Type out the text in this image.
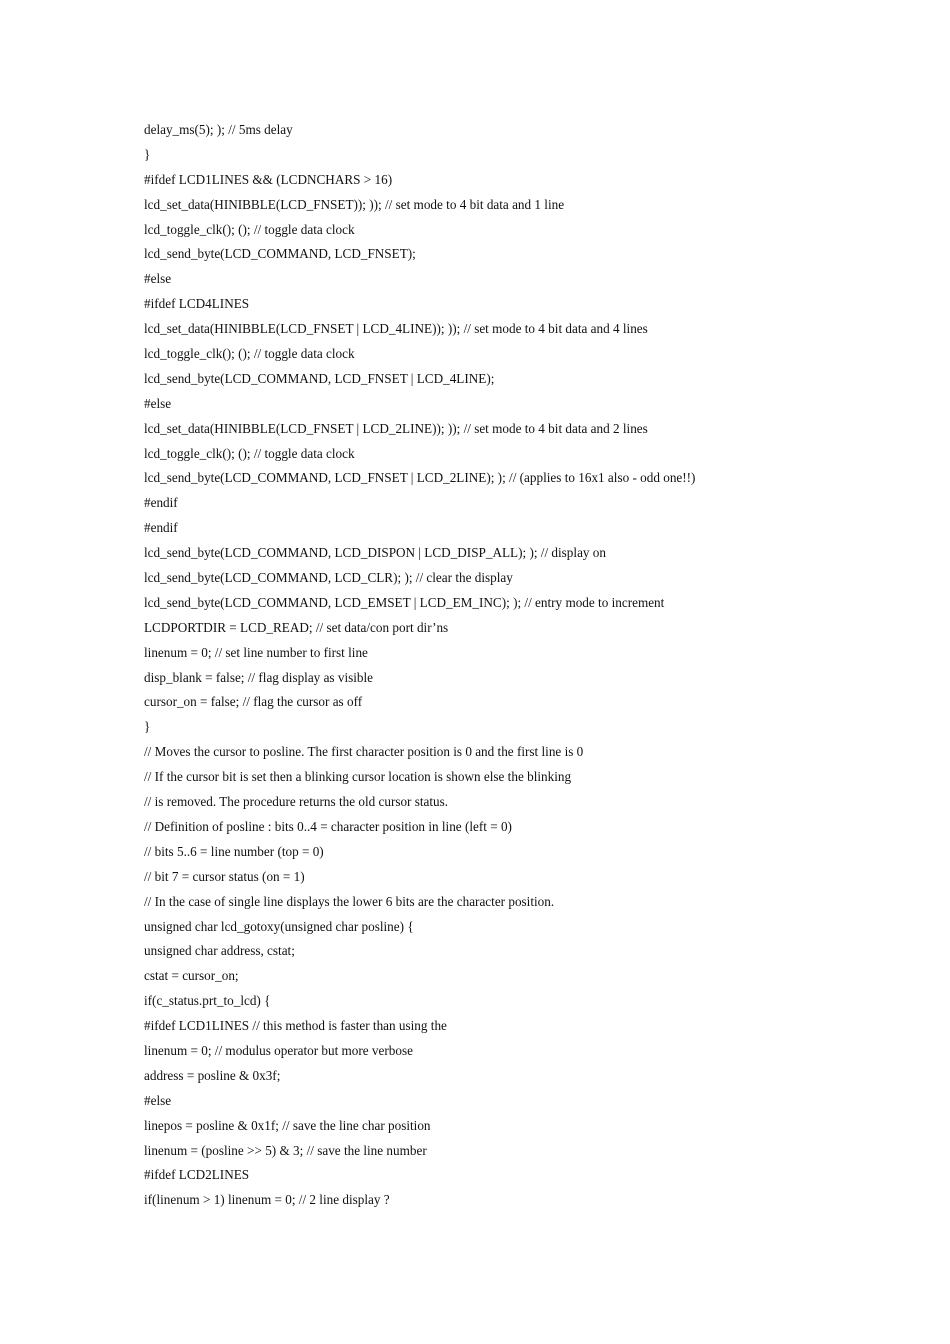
delay_ms(5); ); // 5ms delay
}
#ifdef LCD1LINES && (LCDNCHARS > 16)
lcd_set_data(HINIBBLE(LCD_FNSET)); )); // set mode to 4 bit data and 1 line
lcd_toggle_clk(); (); // toggle data clock
lcd_send_byte(LCD_COMMAND, LCD_FNSET);
#else
#ifdef LCD4LINES
lcd_set_data(HINIBBLE(LCD_FNSET | LCD_4LINE)); )); // set mode to 4 bit data and 4 lines
lcd_toggle_clk(); (); // toggle data clock
lcd_send_byte(LCD_COMMAND, LCD_FNSET | LCD_4LINE);
#else
lcd_set_data(HINIBBLE(LCD_FNSET | LCD_2LINE)); )); // set mode to 4 bit data and 2 lines
lcd_toggle_clk(); (); // toggle data clock
lcd_send_byte(LCD_COMMAND, LCD_FNSET | LCD_2LINE); ); // (applies to 16x1 also - odd one!!)
#endif
#endif
lcd_send_byte(LCD_COMMAND, LCD_DISPON | LCD_DISP_ALL); ); // display on
lcd_send_byte(LCD_COMMAND, LCD_CLR); ); // clear the display
lcd_send_byte(LCD_COMMAND, LCD_EMSET | LCD_EM_INC); ); // entry mode to increment
LCDPORTDIR = LCD_READ; // set data/con port dir’ns
linenum = 0; // set line number to first line
disp_blank = false; // flag display as visible
cursor_on = false; // flag the cursor as off
}
// Moves the cursor to posline. The first character position is 0 and the first line is 0
// If the cursor bit is set then a blinking cursor location is shown else the blinking
// is removed. The procedure returns the old cursor status.
// Definition of posline : bits 0..4 = character position in line (left = 0)
// bits 5..6 = line number (top = 0)
// bit 7 = cursor status (on = 1)
// In the case of single line displays the lower 6 bits are the character position.
unsigned char lcd_gotoxy(unsigned char posline) {
unsigned char address, cstat;
cstat = cursor_on;
if(c_status.prt_to_lcd) {
#ifdef LCD1LINES // this method is faster than using the
linenum = 0; // modulus operator but more verbose
address = posline & 0x3f;
#else
linepos = posline & 0x1f; // save the line char position
linenum = (posline >> 5) & 3; // save the line number
#ifdef LCD2LINES
if(linenum > 1) linenum = 0; // 2 line display ?
